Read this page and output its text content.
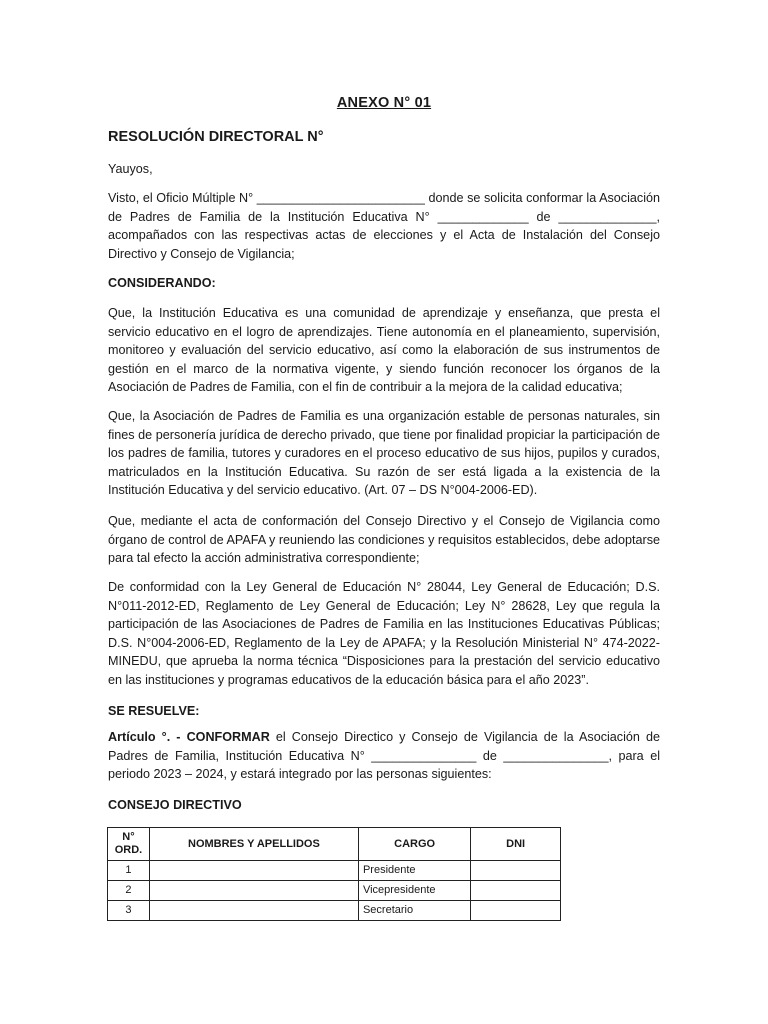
ANEXO N° 01
RESOLUCIÓN DIRECTORAL N°

Yauyos,

Visto, el Oficio Múltiple N° ________________________ donde se solicita conformar la Asociación de Padres de Familia de la Institución Educativa N° _____________ de ______________, acompañados con las respectivas actas de elecciones y el Acta de Instalación del Consejo Directivo y Consejo de Vigilancia;

CONSIDERANDO:

Que, la Institución Educativa es una comunidad de aprendizaje y enseñanza, que presta el servicio educativo en el logro de aprendizajes. Tiene autonomía en el planeamiento, supervisión, monitoreo y evaluación del servicio educativo, así como la elaboración de sus instrumentos de gestión en el marco de la normativa vigente, y siendo función reconocer los órganos de la Asociación de Padres de Familia, con el fin de contribuir a la mejora de la calidad educativa;

Que, la Asociación de Padres de Familia es una organización estable de personas naturales, sin fines de personería jurídica de derecho privado, que tiene por finalidad propiciar la participación de los padres de familia, tutores y curadores en el proceso educativo de sus hijos, pupilos y curados, matriculados en la Institución Educativa. Su razón de ser está ligada a la existencia de la Institución Educativa y del servicio educativo. (Art. 07 – DS N°004-2006-ED).

Que, mediante el acta de conformación del Consejo Directivo y el Consejo de Vigilancia como órgano de control de APAFA y reuniendo las condiciones y requisitos establecidos, debe adoptarse para tal efecto la acción administrativa correspondiente;

De conformidad con la Ley General de Educación N° 28044, Ley General de Educación; D.S. N°011-2012-ED, Reglamento de Ley General de Educación; Ley N° 28628, Ley que regula la participación de las Asociaciones de Padres de Familia en las Instituciones Educativas Públicas; D.S. N°004-2006-ED, Reglamento de la Ley de APAFA; y la Resolución Ministerial N° 474-2022-MINEDU, que aprueba la norma técnica “Disposiciones para la prestación del servicio educativo en las instituciones y programas educativos de la educación básica para el año 2023”.

SE RESUELVE:

Artículo °. - CONFORMAR el Consejo Directico y Consejo de Vigilancia de la Asociación de Padres de Familia, Institución Educativa N° _______________ de _______________, para el periodo 2023 – 2024, y estará integrado por las personas siguientes:

CONSEJO DIRECTIVO

N° ORD.	NOMBRES Y APELLIDOS	CARGO	DNI
1		Presidente	
2		Vicepresidente	
3		Secretario	
